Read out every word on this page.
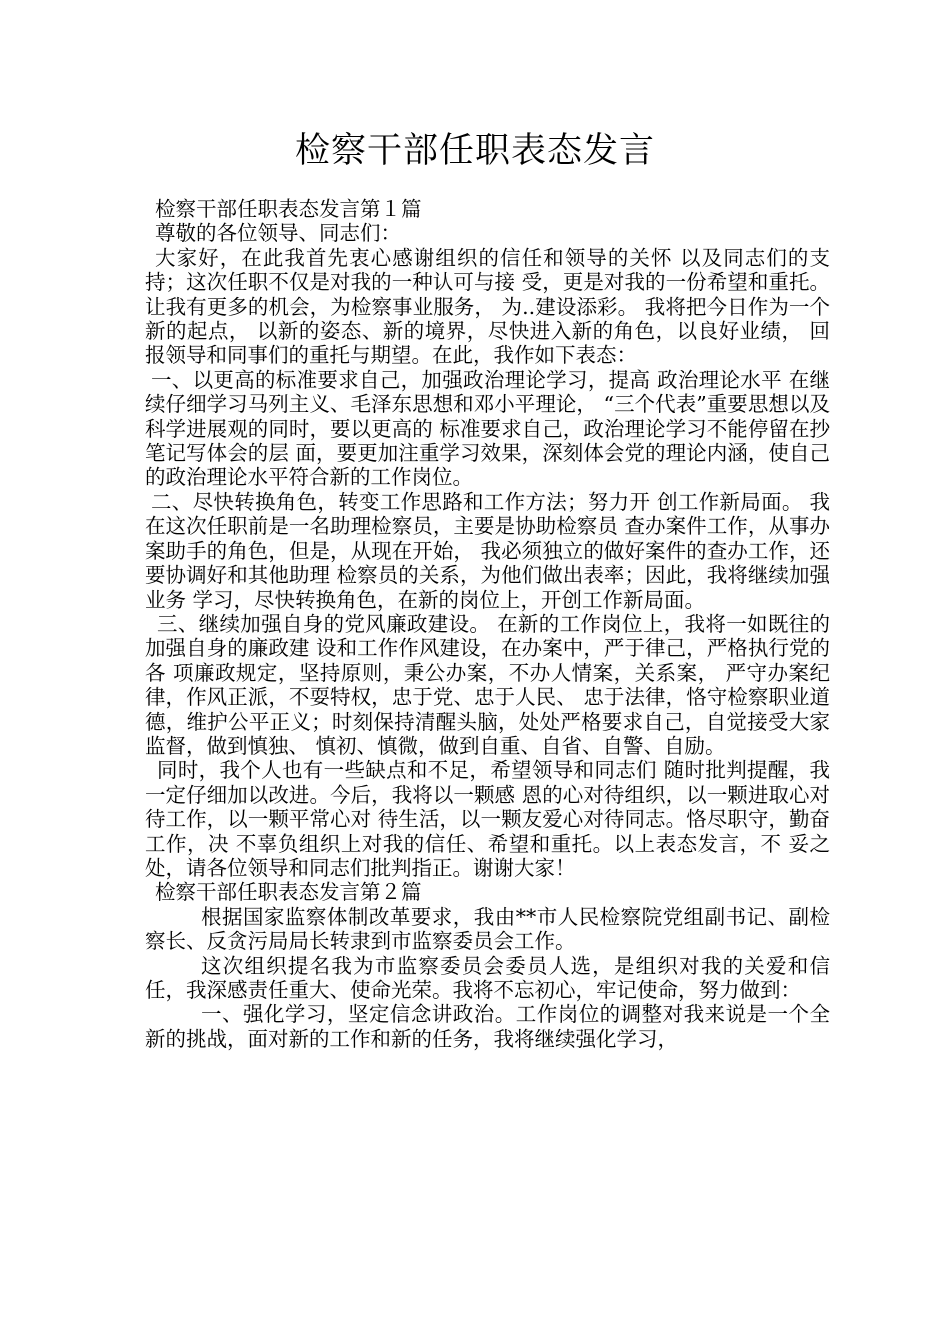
检察干部任职表态发言

检察干部任职表态发言第１篇

尊敬的各位领导、同志们：

大家好，在此我首先衷心感谢组织的信任和领导的关怀 以及同志们的支持；这次任职不仅是对我的一种认可与接 受，更是对我的一份希望和重托。让我有更多的机会，为检察事业服务， 为..建设添彩。 我将把今日作为一个新的起点， 以新的姿态、新的境界，尽快进入新的角色，以良好业绩， 回报领导和同事们的重托与期望。在此，我作如下表态：

一、以更高的标准要求自己，加强政治理论学习，提高 政治理论水平 在继续仔细学习马列主义、毛泽东思想和邓小平理论， “三个代表”重要思想以及科学进展观的同时，要以更高的 标准要求自己，政治理论学习不能停留在抄笔记写体会的层 面，要更加注重学习效果，深刻体会党的理论内涵，使自己 的政治理论水平符合新的工作岗位。

二、尽快转换角色，转变工作思路和工作方法；努力开 创工作新局面。 我在这次任职前是一名助理检察员，主要是协助检察员 查办案件工作，从事办案助手的角色，但是，从现在开始， 我必须独立的做好案件的查办工作，还要协调好和其他助理 检察员的关系，为他们做出表率；因此，我将继续加强业务 学习，尽快转换角色，在新的岗位上，开创工作新局面。

三、继续加强自身的党风廉政建设。 在新的工作岗位上，我将一如既往的加强自身的廉政建 设和工作作风建设，在办案中，严于律己，严格执行党的各 项廉政规定，坚持原则，秉公办案，不办人情案，关系案， 严守办案纪律，作风正派，不耍特权，忠于党、忠于人民、 忠于法律，恪守检察职业道德，维护公平正义；时刻保持清醒头脑，处处严格要求自己，自觉接受大家监督，做到慎独、 慎初、慎微，做到自重、自省、自警、自励。

同时，我个人也有一些缺点和不足，希望领导和同志们 随时批判提醒，我一定仔细加以改进。今后，我将以一颗感 恩的心对待组织，以一颗进取心对待工作，以一颗平常心对 待生活，以一颗友爱心对待同志。恪尽职守，勤奋工作，决 不辜负组织上对我的信任、希望和重托。以上表态发言，不 妥之处，请各位领导和同志们批判指正。谢谢大家！

检察干部任职表态发言第２篇

根据国家监察体制改革要求，我由**市人民检察院党组副书记、副检察长、反贪污局局长转隶到市监察委员会工作。

这次组织提名我为市监察委员会委员人选，是组织对我的关爱和信任，我深感责任重大、使命光荣。我将不忘初心，牢记使命，努力做到：

一、强化学习，坚定信念讲政治。工作岗位的调整对我来说是一个全新的挑战，面对新的工作和新的任务，我将继续强化学习，
